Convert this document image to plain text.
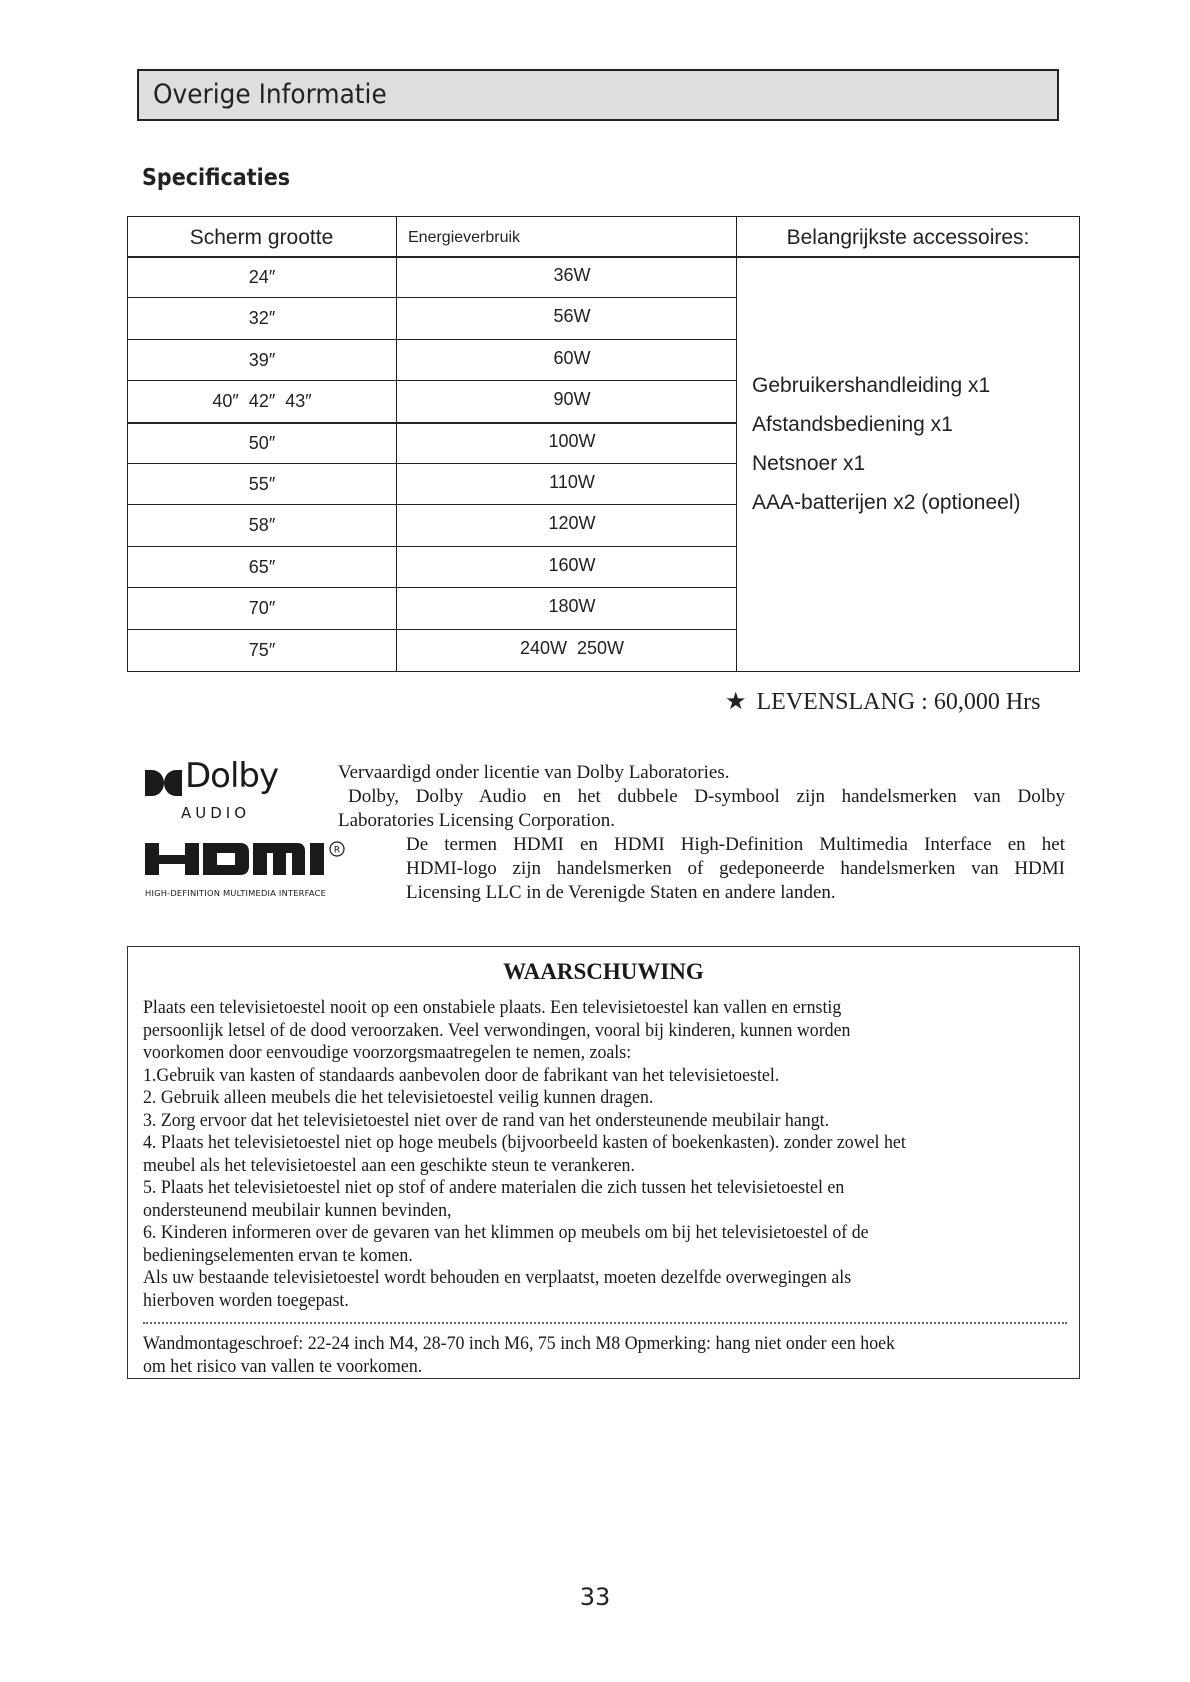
Overige Informatie
Specificaties
Scherm grootte	Energieverbruik	Belangrijkste accessoires:
24″	36W
32″	56W
39″	60W
40″  42″  43″	90W
50″	100W
55″	110W
58″	120W
65″	160W
70″	180W
75″	240W  250W
Gebruikershandleiding x1
Afstandsbediening x1
Netsnoer x1
AAA-batterijen x2 (optioneel)
★ LEVENSLANG : 60,000 Hrs
Dolby
AUDIO
R
HIGH-DEFINITION MULTIMEDIA INTERFACE
Vervaardigd onder licentie van Dolby Laboratories.
Dolby, Dolby Audio en het dubbele D-symbool zijn handelsmerken van Dolby
Laboratories Licensing Corporation.
De termen HDMI en HDMI High-Definition Multimedia Interface en het
HDMI-logo zijn handelsmerken of gedeponeerde handelsmerken van HDMI
Licensing LLC in de Verenigde Staten en andere landen.
WAARSCHUWING
Plaats een televisietoestel nooit op een onstabiele plaats. Een televisietoestel kan vallen en ernstig
persoonlijk letsel of de dood veroorzaken. Veel verwondingen, vooral bij kinderen, kunnen worden
voorkomen door eenvoudige voorzorgsmaatregelen te nemen, zoals:
1.Gebruik van kasten of standaards aanbevolen door de fabrikant van het televisietoestel.
2. Gebruik alleen meubels die het televisietoestel veilig kunnen dragen.
3. Zorg ervoor dat het televisietoestel niet over de rand van het ondersteunende meubilair hangt.
4. Plaats het televisietoestel niet op hoge meubels (bijvoorbeeld kasten of boekenkasten). zonder zowel het
meubel als het televisietoestel aan een geschikte steun te verankeren.
5. Plaats het televisietoestel niet op stof of andere materialen die zich tussen het televisietoestel en
ondersteunend meubilair kunnen bevinden,
6. Kinderen informeren over de gevaren van het klimmen op meubels om bij het televisietoestel of de
bedieningselementen ervan te komen.
Als uw bestaande televisietoestel wordt behouden en verplaatst, moeten dezelfde overwegingen als
hierboven worden toegepast.
Wandmontageschroef: 22-24 inch M4, 28-70 inch M6, 75 inch M8 Opmerking: hang niet onder een hoek
om het risico van vallen te voorkomen.
33
